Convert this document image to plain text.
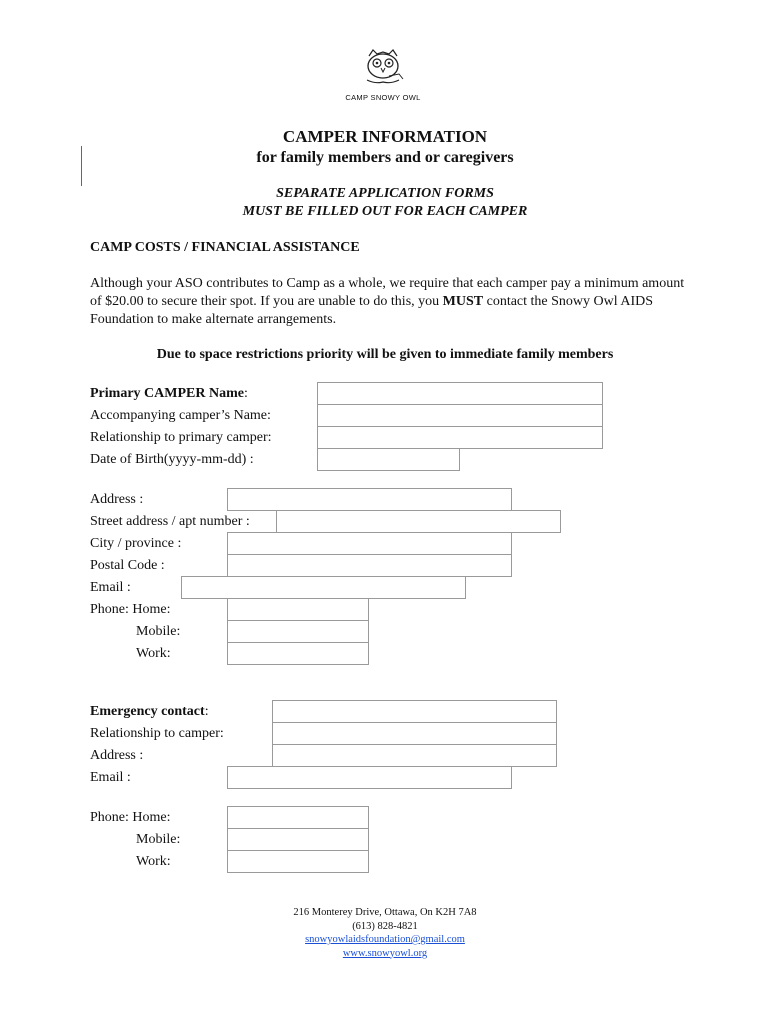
CAMP SNOWY OWL
CAMPER INFORMATION
for family members and or caregivers
SEPARATE APPLICATION FORMS
MUST BE FILLED OUT FOR EACH CAMPER
CAMP COSTS / FINANCIAL ASSISTANCE
Although your ASO contributes to Camp as a whole, we require that each camper pay a minimum amount of $20.00 to secure their spot. If you are unable to do this, you MUST contact the Snowy Owl AIDS Foundation to make alternate arrangements.
Due to space restrictions priority will be given to immediate family members
Primary CAMPER Name:
Accompanying camper’s Name:
Relationship to primary camper:
Date of Birth(yyyy-mm-dd) :
Address :
Street address / apt number :
City / province :
Postal Code :
Email :
Phone: Home:
Mobile:
Work:
Emergency contact:
Relationship to camper:
Address :
Email :
Phone: Home:
Mobile:
Work:
216 Monterey Drive, Ottawa, On K2H 7A8
(613) 828-4821
snowyowlaidsfoundation@gmail.com
www.snowyowl.org
